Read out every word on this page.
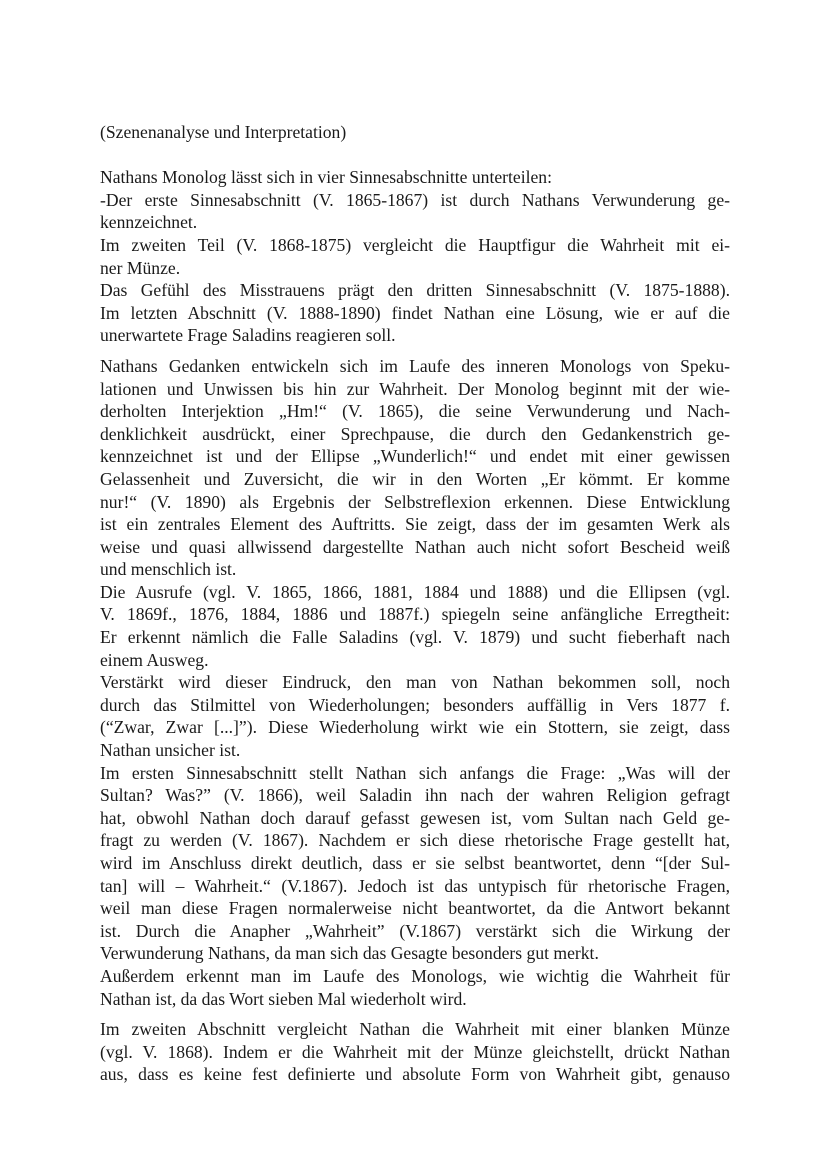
(Szenenanalyse und Interpretation)
Nathans Monolog lässt sich in vier Sinnesabschnitte unterteilen:
-Der erste Sinnesabschnitt (V. 1865-1867) ist durch Nathans Verwunderung ge-
kennzeichnet.
Im zweiten Teil (V. 1868-1875) vergleicht die Hauptfigur die Wahrheit mit ei-
ner Münze.
Das Gefühl des Misstrauens prägt den dritten Sinnesabschnitt (V. 1875-1888).
Im letzten Abschnitt (V. 1888-1890) findet Nathan eine Lösung, wie er auf die
unerwartete Frage Saladins reagieren soll.
Nathans Gedanken entwickeln sich im Laufe des inneren Monologs von Speku-
lationen und Unwissen bis hin zur Wahrheit. Der Monolog beginnt mit der wie-
derholten Interjektion „Hm!“ (V. 1865), die seine Verwunderung und Nach-
denklichkeit ausdrückt, einer Sprechpause, die durch den Gedankenstrich ge-
kennzeichnet ist und der Ellipse „Wunderlich!“ und endet mit einer gewissen
Gelassenheit und Zuversicht, die wir in den Worten „Er kömmt. Er komme
nur!“ (V. 1890) als Ergebnis der Selbstreflexion erkennen. Diese Entwicklung
ist ein zentrales Element des Auftritts. Sie zeigt, dass der im gesamten Werk als
weise und quasi allwissend dargestellte Nathan auch nicht sofort Bescheid weiß
und menschlich ist.
Die Ausrufe (vgl. V. 1865, 1866, 1881, 1884 und 1888) und die Ellipsen (vgl.
V. 1869f., 1876, 1884, 1886 und 1887f.) spiegeln seine anfängliche Erregtheit:
Er erkennt nämlich die Falle Saladins (vgl. V. 1879) und sucht fieberhaft nach
einem Ausweg.
Verstärkt wird dieser Eindruck, den man von Nathan bekommen soll, noch
durch das Stilmittel von Wiederholungen; besonders auffällig in Vers 1877 f.
(“Zwar, Zwar [...]”). Diese Wiederholung wirkt wie ein Stottern, sie zeigt, dass
Nathan unsicher ist.
Im ersten Sinnesabschnitt stellt Nathan sich anfangs die Frage: „Was will der
Sultan? Was?” (V. 1866), weil Saladin ihn nach der wahren Religion gefragt
hat, obwohl Nathan doch darauf gefasst gewesen ist, vom Sultan nach Geld ge-
fragt zu werden (V. 1867). Nachdem er sich diese rhetorische Frage gestellt hat,
wird im Anschluss direkt deutlich, dass er sie selbst beantwortet, denn “[der Sul-
tan] will – Wahrheit.“ (V.1867). Jedoch ist das untypisch für rhetorische Fragen,
weil man diese Fragen normalerweise nicht beantwortet, da die Antwort bekannt
ist. Durch die Anapher „Wahrheit” (V.1867) verstärkt sich die Wirkung der
Verwunderung Nathans, da man sich das Gesagte besonders gut merkt.
Außerdem erkennt man im Laufe des Monologs, wie wichtig die Wahrheit für
Nathan ist, da das Wort sieben Mal wiederholt wird.
Im zweiten Abschnitt vergleicht Nathan die Wahrheit mit einer blanken Münze
(vgl. V. 1868). Indem er die Wahrheit mit der Münze gleichstellt, drückt Nathan
aus, dass es keine fest definierte und absolute Form von Wahrheit gibt, genauso
